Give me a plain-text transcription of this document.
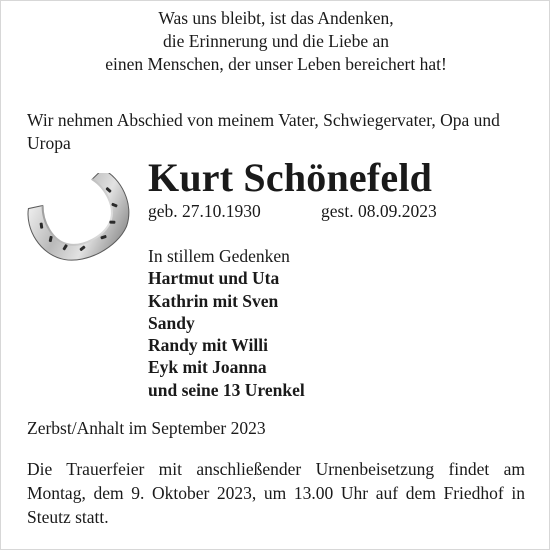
Was uns bleibt, ist das Andenken,
die Erinnerung und die Liebe an
einen Menschen, der unser Leben bereichert hat!
Wir nehmen Abschied von meinem Vater, Schwiegervater, Opa und Uropa
Kurt Schönefeld
geb. 27.10.1930	gest. 08.09.2023
In stillem Gedenken
Hartmut und Uta
Kathrin mit Sven
Sandy
Randy mit Willi
Eyk mit Joanna
und seine 13 Urenkel
Zerbst/Anhalt im September 2023
Die Trauerfeier mit anschließender Urnenbeisetzung findet am Montag, dem 9. Oktober 2023, um 13.00 Uhr auf dem Friedhof in Steutz statt.
